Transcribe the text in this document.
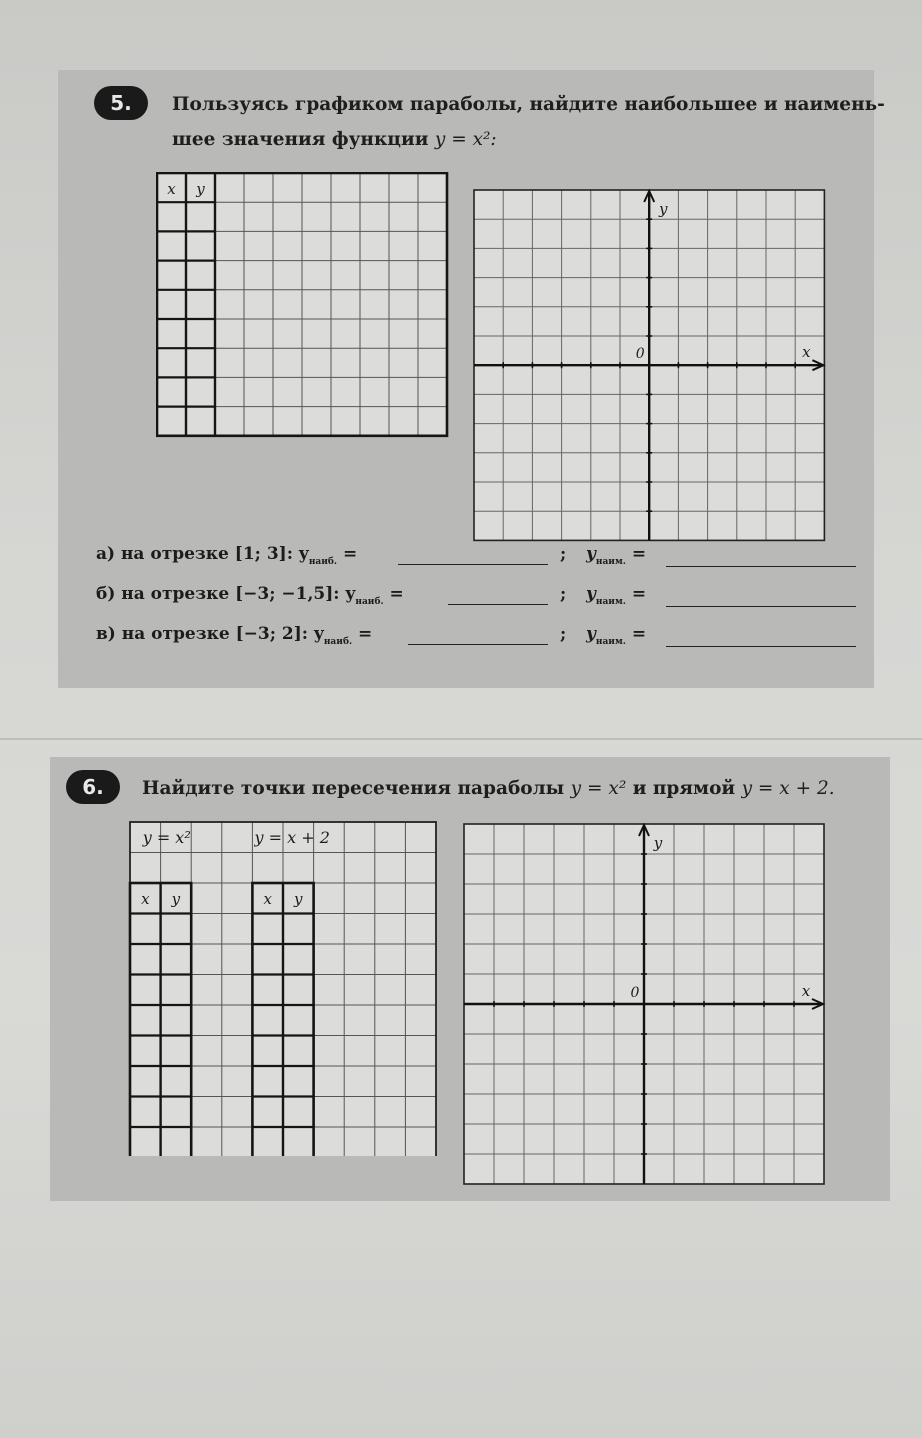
5.	Пользуясь графиком параболы, найдите наибольшее и наимень-
шее значения функции y = x²:
x y
y
x
0
а) на отрезке [1; 3]: $y_{наиб.}$ =	; $y_{наим.}$ =
б) на отрезке [−3; −1,5]: $y_{наиб.}$ =	; $y_{наим.}$ =
в) на отрезке [−3; 2]: $y_{наиб.}$ =	; $y_{наим.}$ =
6.	Найдите точки пересечения параболы y = x² и прямой y = x + 2.
x y	x y
y = x²	y = x + 2	y
x
0
